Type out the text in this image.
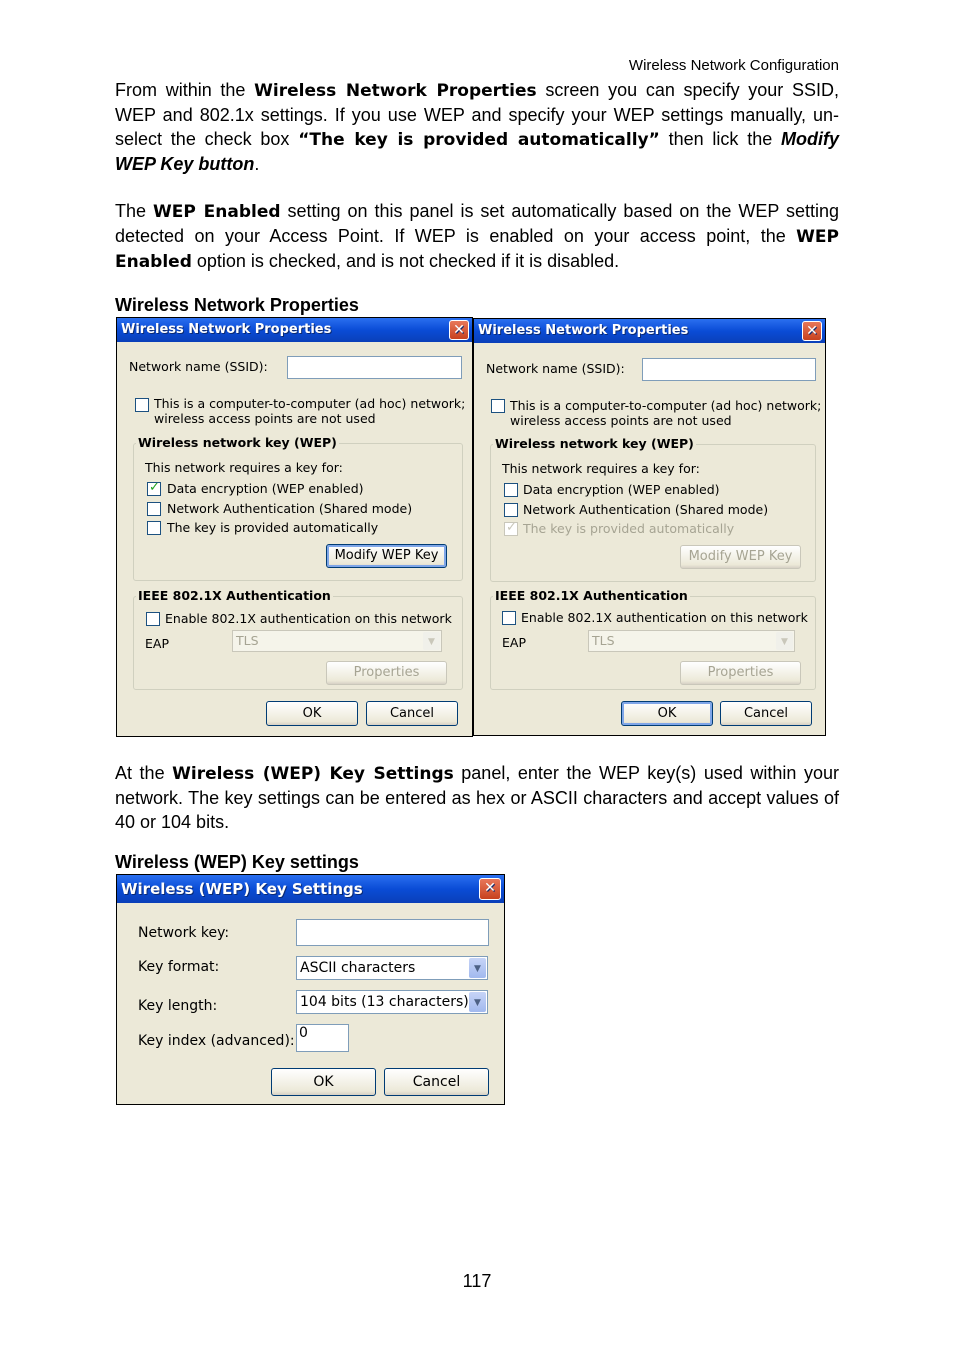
Wireless Network Configuration
From within the Wireless Network Properties screen you can specify your SSID, WEP and 802.1x settings. If you use WEP and specify your WEP settings manually, un-select the check box “The key is provided automatically” then lick the Modify WEP Key button.
The WEP Enabled setting on this panel is set automatically based on the WEP setting detected on your Access Point. If WEP is enabled on your access point, the WEP Enabled option is checked, and is not checked if it is disabled.
Wireless Network Properties
Wireless Network Properties	✕
Network name (SSID):
This is a computer-to-computer (ad hoc) network;
wireless access points are not used
Wireless network key (WEP)
This network requires a key for:
✓
Data encryption (WEP enabled)
Network Authentication (Shared mode)
The key is provided automatically
Modify WEP Key
IEEE 802.1X Authentication
Enable 802.1X authentication on this network
EAP	TLS	▼
Properties
OK	Cancel
Wireless Network Properties	✕
Network name (SSID):
This is a computer-to-computer (ad hoc) network;
wireless access points are not used
Wireless network key (WEP)
This network requires a key for:
Data encryption (WEP enabled)
Network Authentication (Shared mode)
✓
The key is provided automatically
Modify WEP Key
IEEE 802.1X Authentication
Enable 802.1X authentication on this network
EAP	TLS	▼
Properties
OK	Cancel
At the Wireless (WEP) Key Settings panel, enter the WEP key(s) used within your network. The key settings can be entered as hex or ASCII characters and accept values of 40 or 104 bits.
Wireless (WEP) Key settings
Wireless (WEP) Key Settings	✕
Network key:
Key format:	ASCII characters	▼
Key length:	104 bits (13 characters) ▼
Key index (advanced): 0
OK	Cancel
117
